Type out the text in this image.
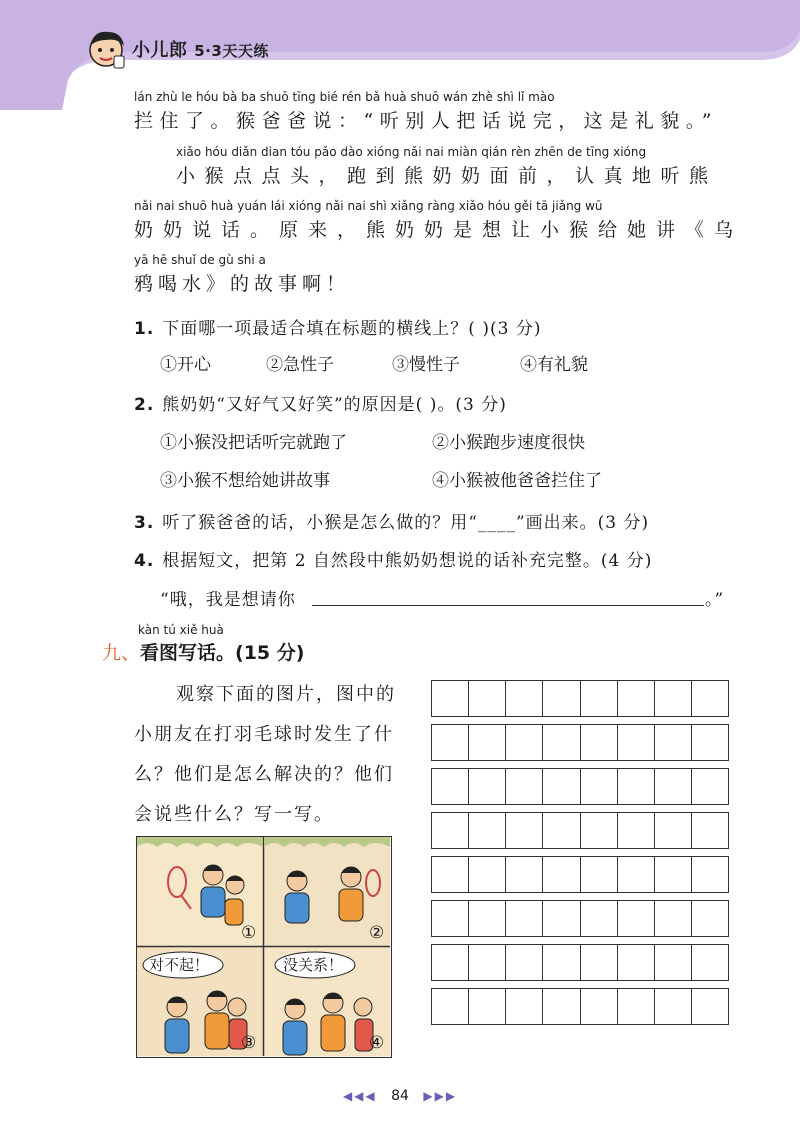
小儿郎 5·3天天练
lán zhù le hóu bà ba shuō tīng bié rén bǎ huà shuō wán zhè shì lǐ mào
拦住了。猴爸爸说：“听别人把话说完，这是礼貌。”
xiǎo hóu diǎn dian tóu pǎo dào xióng nǎi nai miàn qián rèn zhēn de tīng xióng
小猴点点头，跑到熊奶奶面前，认真地听熊
nǎi nai shuō huà yuán lái xióng nǎi nai shì xiǎng ràng xiǎo hóu gěi tā jiǎng wū
奶奶说话。原来，熊奶奶是想让小猴给她讲《乌
yā hē shuǐ de gù shi a
鸦喝水》的故事啊！
1. 下面哪一项最适合填在标题的横线上？( )(3 分)
①开心	②急性子	③慢性子	④有礼貌
2. 熊奶奶“又好气又好笑”的原因是( )。(3 分)
①小猴没把话听完就跑了	②小猴跑步速度很快
③小猴不想给她讲故事	④小猴被他爸爸拦住了
3. 听了猴爸爸的话，小猴是怎么做的？用“____”画出来。(3 分)
4. 根据短文，把第 2 自然段中熊奶奶想说的话补充完整。(4 分)
“哦，我是想请你	。”
kàn tú xiě huà
九、看图写话。(15 分)
观察下面的图片，图中的
小朋友在打羽毛球时发生了什
么？他们是怎么解决的？他们
会说些什么？写一写。
对不起！	没关系！
①	②
③	④
◀◀◀ 84 ▶▶▶
